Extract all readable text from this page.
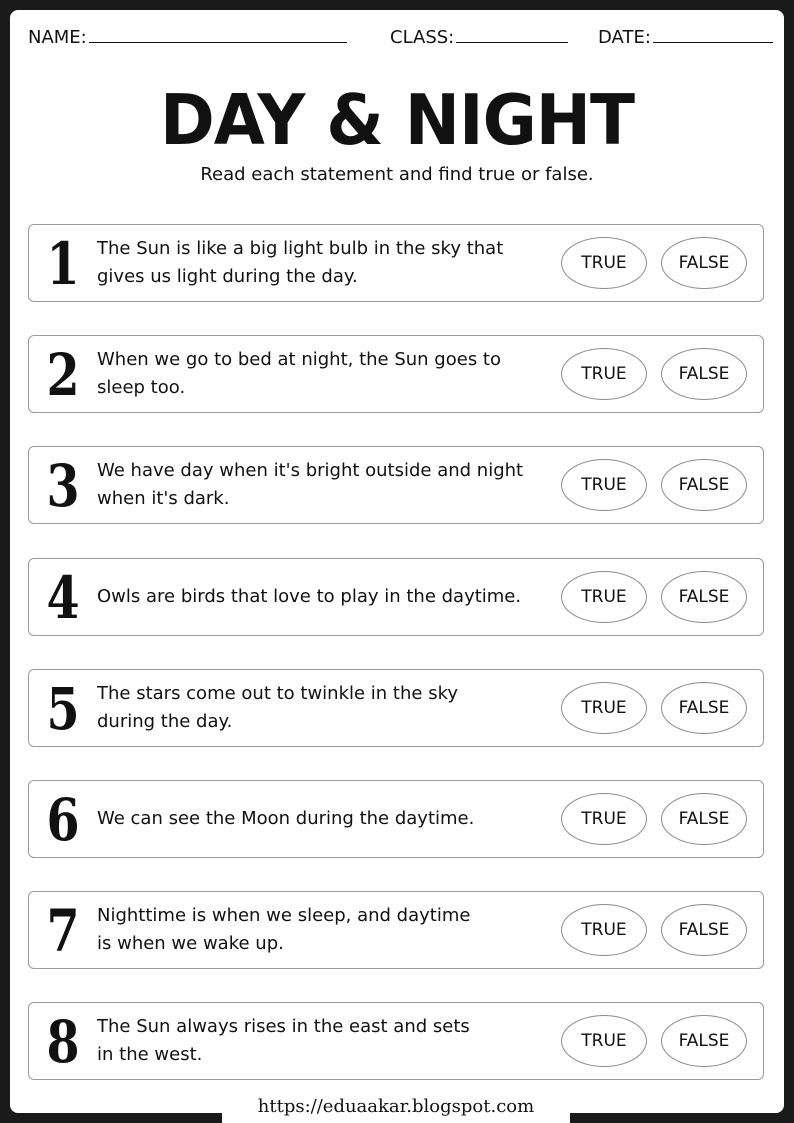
NAME:	CLASS:	DATE:
DAY & NIGHT
Read each statement and find true or false.
1 The Sun is like a big light bulb in the sky that
gives us light during the day.
TRUE	FALSE
2 When we go to bed at night, the Sun goes to
sleep too.
TRUE	FALSE
3 We have day when it's bright outside and night
when it's dark.
TRUE	FALSE
4 Owls are birds that love to play in the daytime.	TRUE	FALSE
5 The stars come out to twinkle in the sky
during the day.
TRUE	FALSE
6 We can see the Moon during the daytime.	TRUE	FALSE
7 Nighttime is when we sleep, and daytime
is when we wake up.
TRUE	FALSE
8 The Sun always rises in the east and sets
in the west.
TRUE	FALSE
https://eduaakar.blogspot.com
